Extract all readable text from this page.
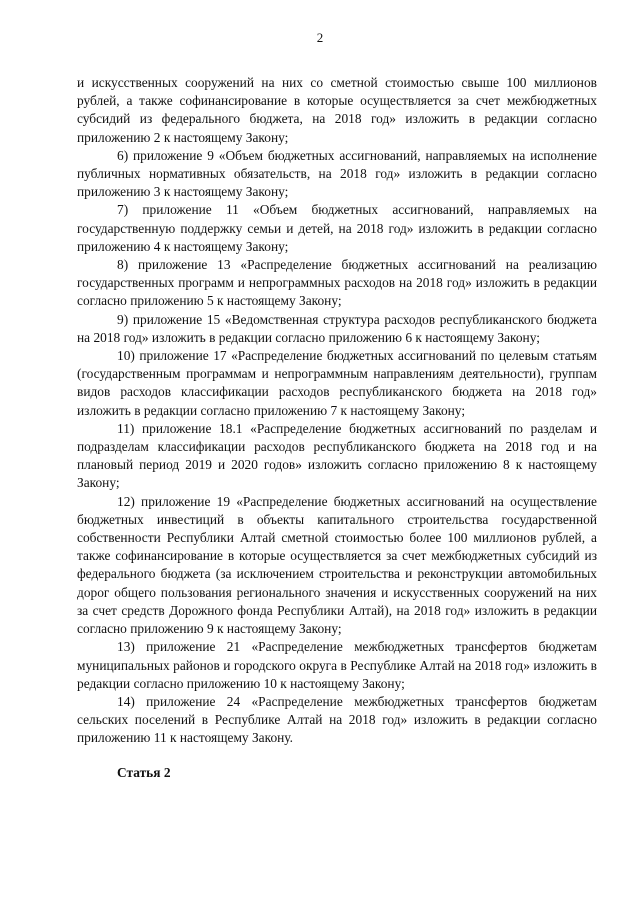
2

и искусственных сооружений на них со сметной стоимостью свыше 100 миллионов рублей, а также софинансирование в которые осуществляется за счет межбюджетных субсидий из федерального бюджета, на 2018 год» изложить в редакции согласно приложению 2 к настоящему Закону;

6) приложение 9 «Объем бюджетных ассигнований, направляемых на исполнение публичных нормативных обязательств, на 2018 год» изложить в редакции согласно приложению 3 к настоящему Закону;

7) приложение 11 «Объем бюджетных ассигнований, направляемых на государственную поддержку семьи и детей, на 2018 год» изложить в редакции согласно приложению 4 к настоящему Закону;

8) приложение 13 «Распределение бюджетных ассигнований на реализацию государственных программ и непрограммных расходов на 2018 год» изложить в редакции согласно приложению 5 к настоящему Закону;

9) приложение 15 «Ведомственная структура расходов республиканского бюджета на 2018 год» изложить в редакции согласно приложению 6 к настоящему Закону;

10) приложение 17 «Распределение бюджетных ассигнований по целевым статьям (государственным программам и непрограммным направлениям деятельности), группам видов расходов классификации расходов республиканского бюджета на 2018 год» изложить в редакции согласно приложению 7 к настоящему Закону;

11) приложение 18.1 «Распределение бюджетных ассигнований по разделам и подразделам классификации расходов республиканского бюджета на 2018 год и на плановый период 2019 и 2020 годов» изложить согласно приложению 8 к настоящему Закону;

12) приложение 19 «Распределение бюджетных ассигнований на осуществление бюджетных инвестиций в объекты капитального строительства государственной собственности Республики Алтай сметной стоимостью более 100 миллионов рублей, а также софинансирование в которые осуществляется за счет межбюджетных субсидий из федерального бюджета (за исключением строительства и реконструкции автомобильных дорог общего пользования регионального значения и искусственных сооружений на них за счет средств Дорожного фонда Республики Алтай), на 2018 год» изложить в редакции согласно приложению 9 к настоящему Закону;

13) приложение 21 «Распределение межбюджетных трансфертов бюджетам муниципальных районов и городского округа в Республике Алтай на 2018 год» изложить в редакции согласно приложению 10 к настоящему Закону;

14) приложение 24 «Распределение межбюджетных трансфертов бюджетам сельских поселений в Республике Алтай на 2018 год» изложить в редакции согласно приложению 11 к настоящему Закону.

Статья 2
